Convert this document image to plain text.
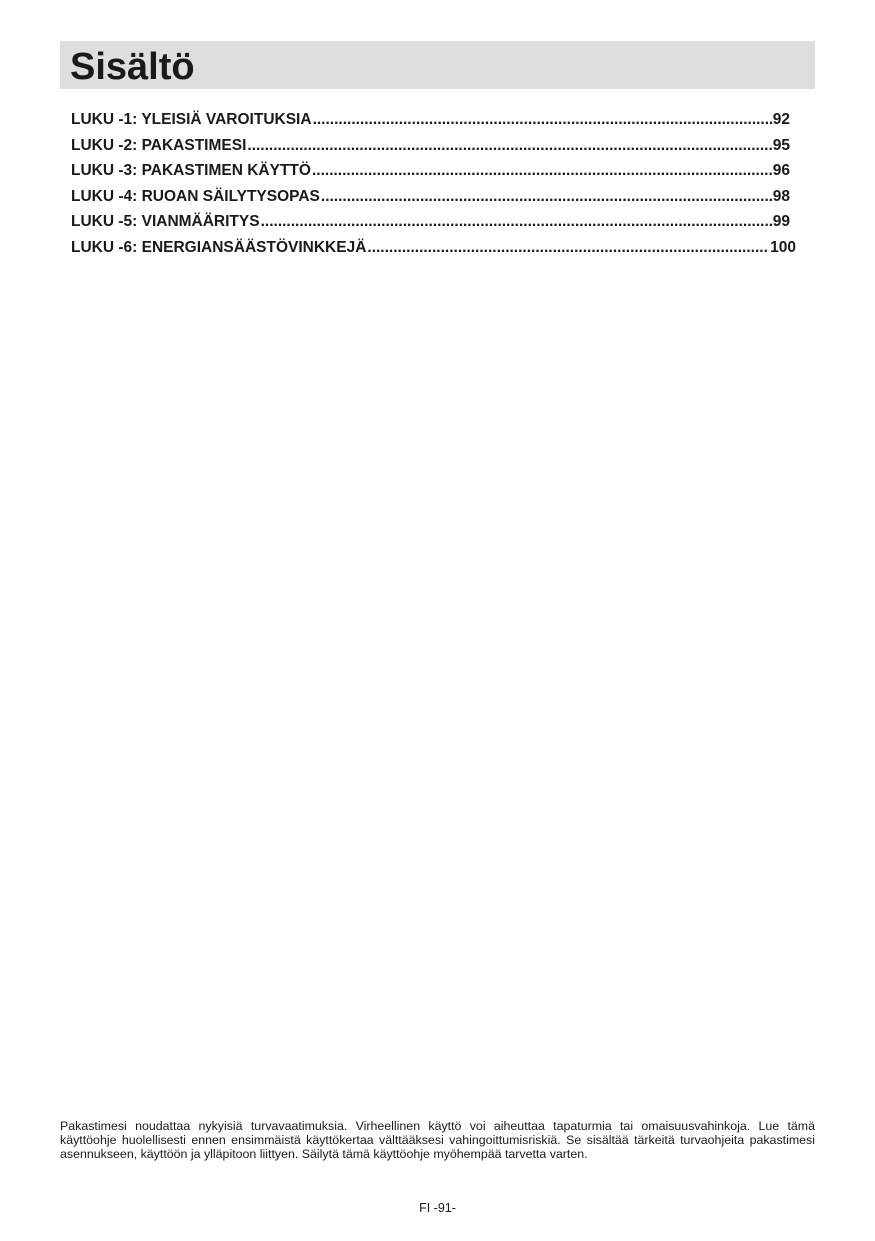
Sisältö
LUKU -1: YLEISIÄ VAROITUKSIA .....	92
LUKU -2: PAKASTIMESI .....	95
LUKU -3: PAKASTIMEN KÄYTTÖ .....	96
LUKU -4: RUOAN SÄILYTYSOPAS .....	98
LUKU -5: VIANMÄÄRITYS .....	99
LUKU -6: ENERGIANSÄÄSTÖVINKKEJÄ .....	100

Pakastimesi noudattaa nykyisiä turvavaatimuksia. Virheellinen käyttö voi aiheuttaa tapaturmia tai omaisuusvahinkoja. Lue tämä käyttöohje huolellisesti ennen ensimmäistä käyttökertaa välttääksesi vahingoittumisriskiä. Se sisältää tärkeitä turvaohjeita pakastimesi asennukseen, käyttöön ja ylläpitoon liittyen. Säilytä tämä käyttöohje myöhempää tarvetta varten.

FI -91-
